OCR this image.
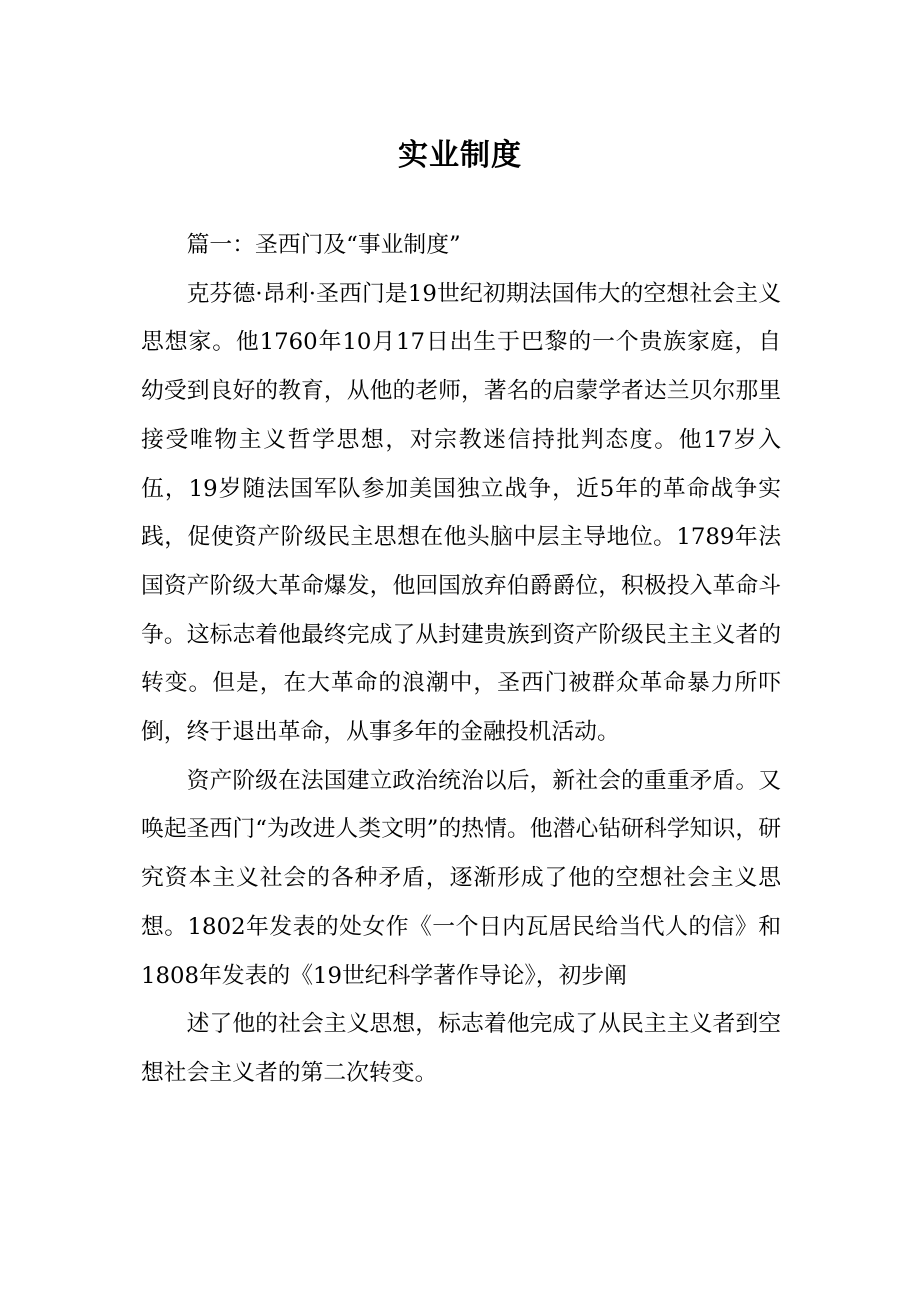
实业制度

篇一：圣西门及“事业制度”

克芬德·昂利·圣西门是19世纪初期法国伟大的空想社会主义思想家。他1760年10月17日出生于巴黎的一个贵族家庭，自幼受到良好的教育，从他的老师，著名的启蒙学者达兰贝尔那里接受唯物主义哲学思想，对宗教迷信持批判态度。他17岁入伍，19岁随法国军队参加美国独立战争，近5年的革命战争实践，促使资产阶级民主思想在他头脑中层主导地位。1789年法国资产阶级大革命爆发，他回国放弃伯爵爵位，积极投入革命斗争。这标志着他最终完成了从封建贵族到资产阶级民主主义者的转变。但是，在大革命的浪潮中，圣西门被群众革命暴力所吓倒，终于退出革命，从事多年的金融投机活动。

资产阶级在法国建立政治统治以后，新社会的重重矛盾。又唤起圣西门“为改进人类文明”的热情。他潜心钻研科学知识，研究资本主义社会的各种矛盾，逐渐形成了他的空想社会主义思想。1802年发表的处女作《一个日内瓦居民给当代人的信》和1808年发表的《19世纪科学著作导论》，初步阐

述了他的社会主义思想，标志着他完成了从民主主义者到空想社会主义者的第二次转变。
